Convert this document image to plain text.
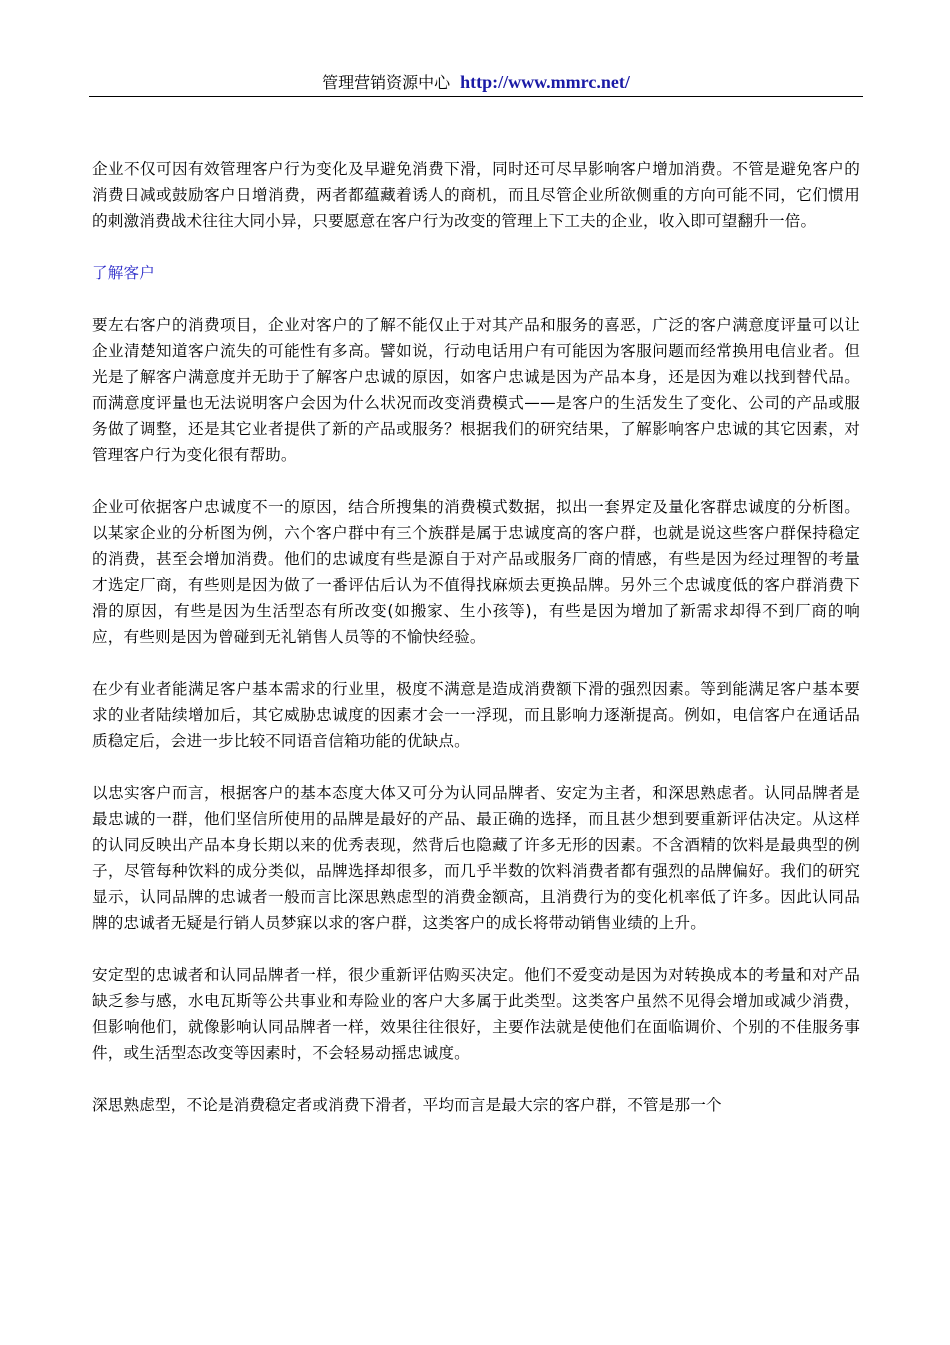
管理营销资源中心 http://www.mmrc.net/

企业不仅可因有效管理客户行为变化及早避免消费下滑，同时还可尽早影响客户增加消费。不管是避免客户的消费日减或鼓励客户日增消费，两者都蕴藏着诱人的商机，而且尽管企业所欲侧重的方向可能不同，它们惯用的刺激消费战术往往大同小异，只要愿意在客户行为改变的管理上下工夫的企业，收入即可望翻升一倍。

了解客户

要左右客户的消费项目，企业对客户的了解不能仅止于对其产品和服务的喜恶，广泛的客户满意度评量可以让企业清楚知道客户流失的可能性有多高。譬如说，行动电话用户有可能因为客服问题而经常换用电信业者。但光是了解客户满意度并无助于了解客户忠诚的原因，如客户忠诚是因为产品本身，还是因为难以找到替代品。而满意度评量也无法说明客户会因为什么状况而改变消费模式——是客户的生活发生了变化、公司的产品或服务做了调整，还是其它业者提供了新的产品或服务？根据我们的研究结果，了解影响客户忠诚的其它因素，对管理客户行为变化很有帮助。

企业可依据客户忠诚度不一的原因，结合所搜集的消费模式数据，拟出一套界定及量化客群忠诚度的分析图。以某家企业的分析图为例，六个客户群中有三个族群是属于忠诚度高的客户群，也就是说这些客户群保持稳定的消费，甚至会增加消费。他们的忠诚度有些是源自于对产品或服务厂商的情感，有些是因为经过理智的考量才选定厂商，有些则是因为做了一番评估后认为不值得找麻烦去更换品牌。另外三个忠诚度低的客户群消费下滑的原因，有些是因为生活型态有所改变(如搬家、生小孩等)，有些是因为增加了新需求却得不到厂商的响应，有些则是因为曾碰到无礼销售人员等的不愉快经验。

在少有业者能满足客户基本需求的行业里，极度不满意是造成消费额下滑的强烈因素。等到能满足客户基本要求的业者陆续增加后，其它威胁忠诚度的因素才会一一浮现，而且影响力逐渐提高。例如，电信客户在通话品质稳定后，会进一步比较不同语音信箱功能的优缺点。

以忠实客户而言，根据客户的基本态度大体又可分为认同品牌者、安定为主者，和深思熟虑者。认同品牌者是最忠诚的一群，他们坚信所使用的品牌是最好的产品、最正确的选择，而且甚少想到要重新评估决定。从这样的认同反映出产品本身长期以来的优秀表现，然背后也隐藏了许多无形的因素。不含酒精的饮料是最典型的例子，尽管每种饮料的成分类似，品牌选择却很多，而几乎半数的饮料消费者都有强烈的品牌偏好。我们的研究显示，认同品牌的忠诚者一般而言比深思熟虑型的消费金额高，且消费行为的变化机率低了许多。因此认同品牌的忠诚者无疑是行销人员梦寐以求的客户群，这类客户的成长将带动销售业绩的上升。

安定型的忠诚者和认同品牌者一样，很少重新评估购买决定。他们不爱变动是因为对转换成本的考量和对产品缺乏参与感，水电瓦斯等公共事业和寿险业的客户大多属于此类型。这类客户虽然不见得会增加或减少消费，但影响他们，就像影响认同品牌者一样，效果往往很好，主要作法就是使他们在面临调价、个别的不佳服务事件，或生活型态改变等因素时，不会轻易动摇忠诚度。

深思熟虑型，不论是消费稳定者或消费下滑者，平均而言是最大宗的客户群，不管是那一个
